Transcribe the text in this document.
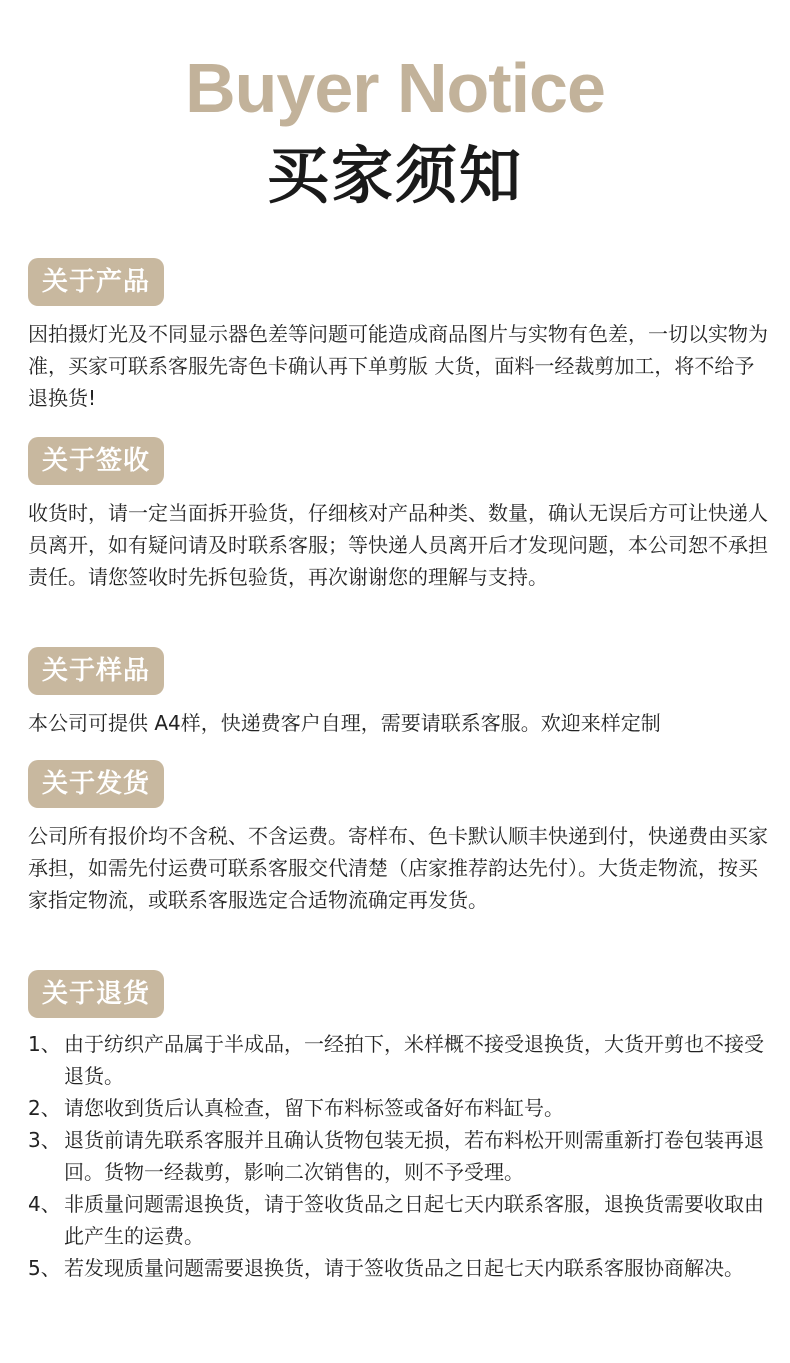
Buyer Notice
买家须知
关于产品
因拍摄灯光及不同显示器色差等问题可能造成商品图片与实物有色差，一切以实物为准，买家可联系客服先寄色卡确认再下单剪版 大货，面料一经裁剪加工，将不给予退换货!
关于签收
收货时，请一定当面拆开验货，仔细核对产品种类、数量，确认无误后方可让快递人员离开，如有疑问请及时联系客服；等快递人员离开后才发现问题，本公司恕不承担责任。请您签收时先拆包验货，再次谢谢您的理解与支持。
关于样品
本公司可提供 A4样，快递费客户自理，需要请联系客服。欢迎来样定制
关于发货
公司所有报价均不含税、不含运费。寄样布、色卡默认顺丰快递到付，快递费由买家承担，如需先付运费可联系客服交代清楚（店家推荐韵达先付）。大货走物流，按买家指定物流，或联系客服选定合适物流确定再发货。
关于退货
1、 由于纺织产品属于半成品，一经拍下，米样概不接受退换货，大货开剪也不接受退货。
2、 请您收到货后认真检查，留下布料标签或备好布料缸号。
3、 退货前请先联系客服并且确认货物包装无损，若布料松开则需重新打卷包装再退回。货物一经裁剪，影响二次销售的，则不予受理。
4、 非质量问题需退换货，请于签收货品之日起七天内联系客服，退换货需要收取由此产生的运费。
5、 若发现质量问题需要退换货，请于签收货品之日起七天内联系客服协商解决。
